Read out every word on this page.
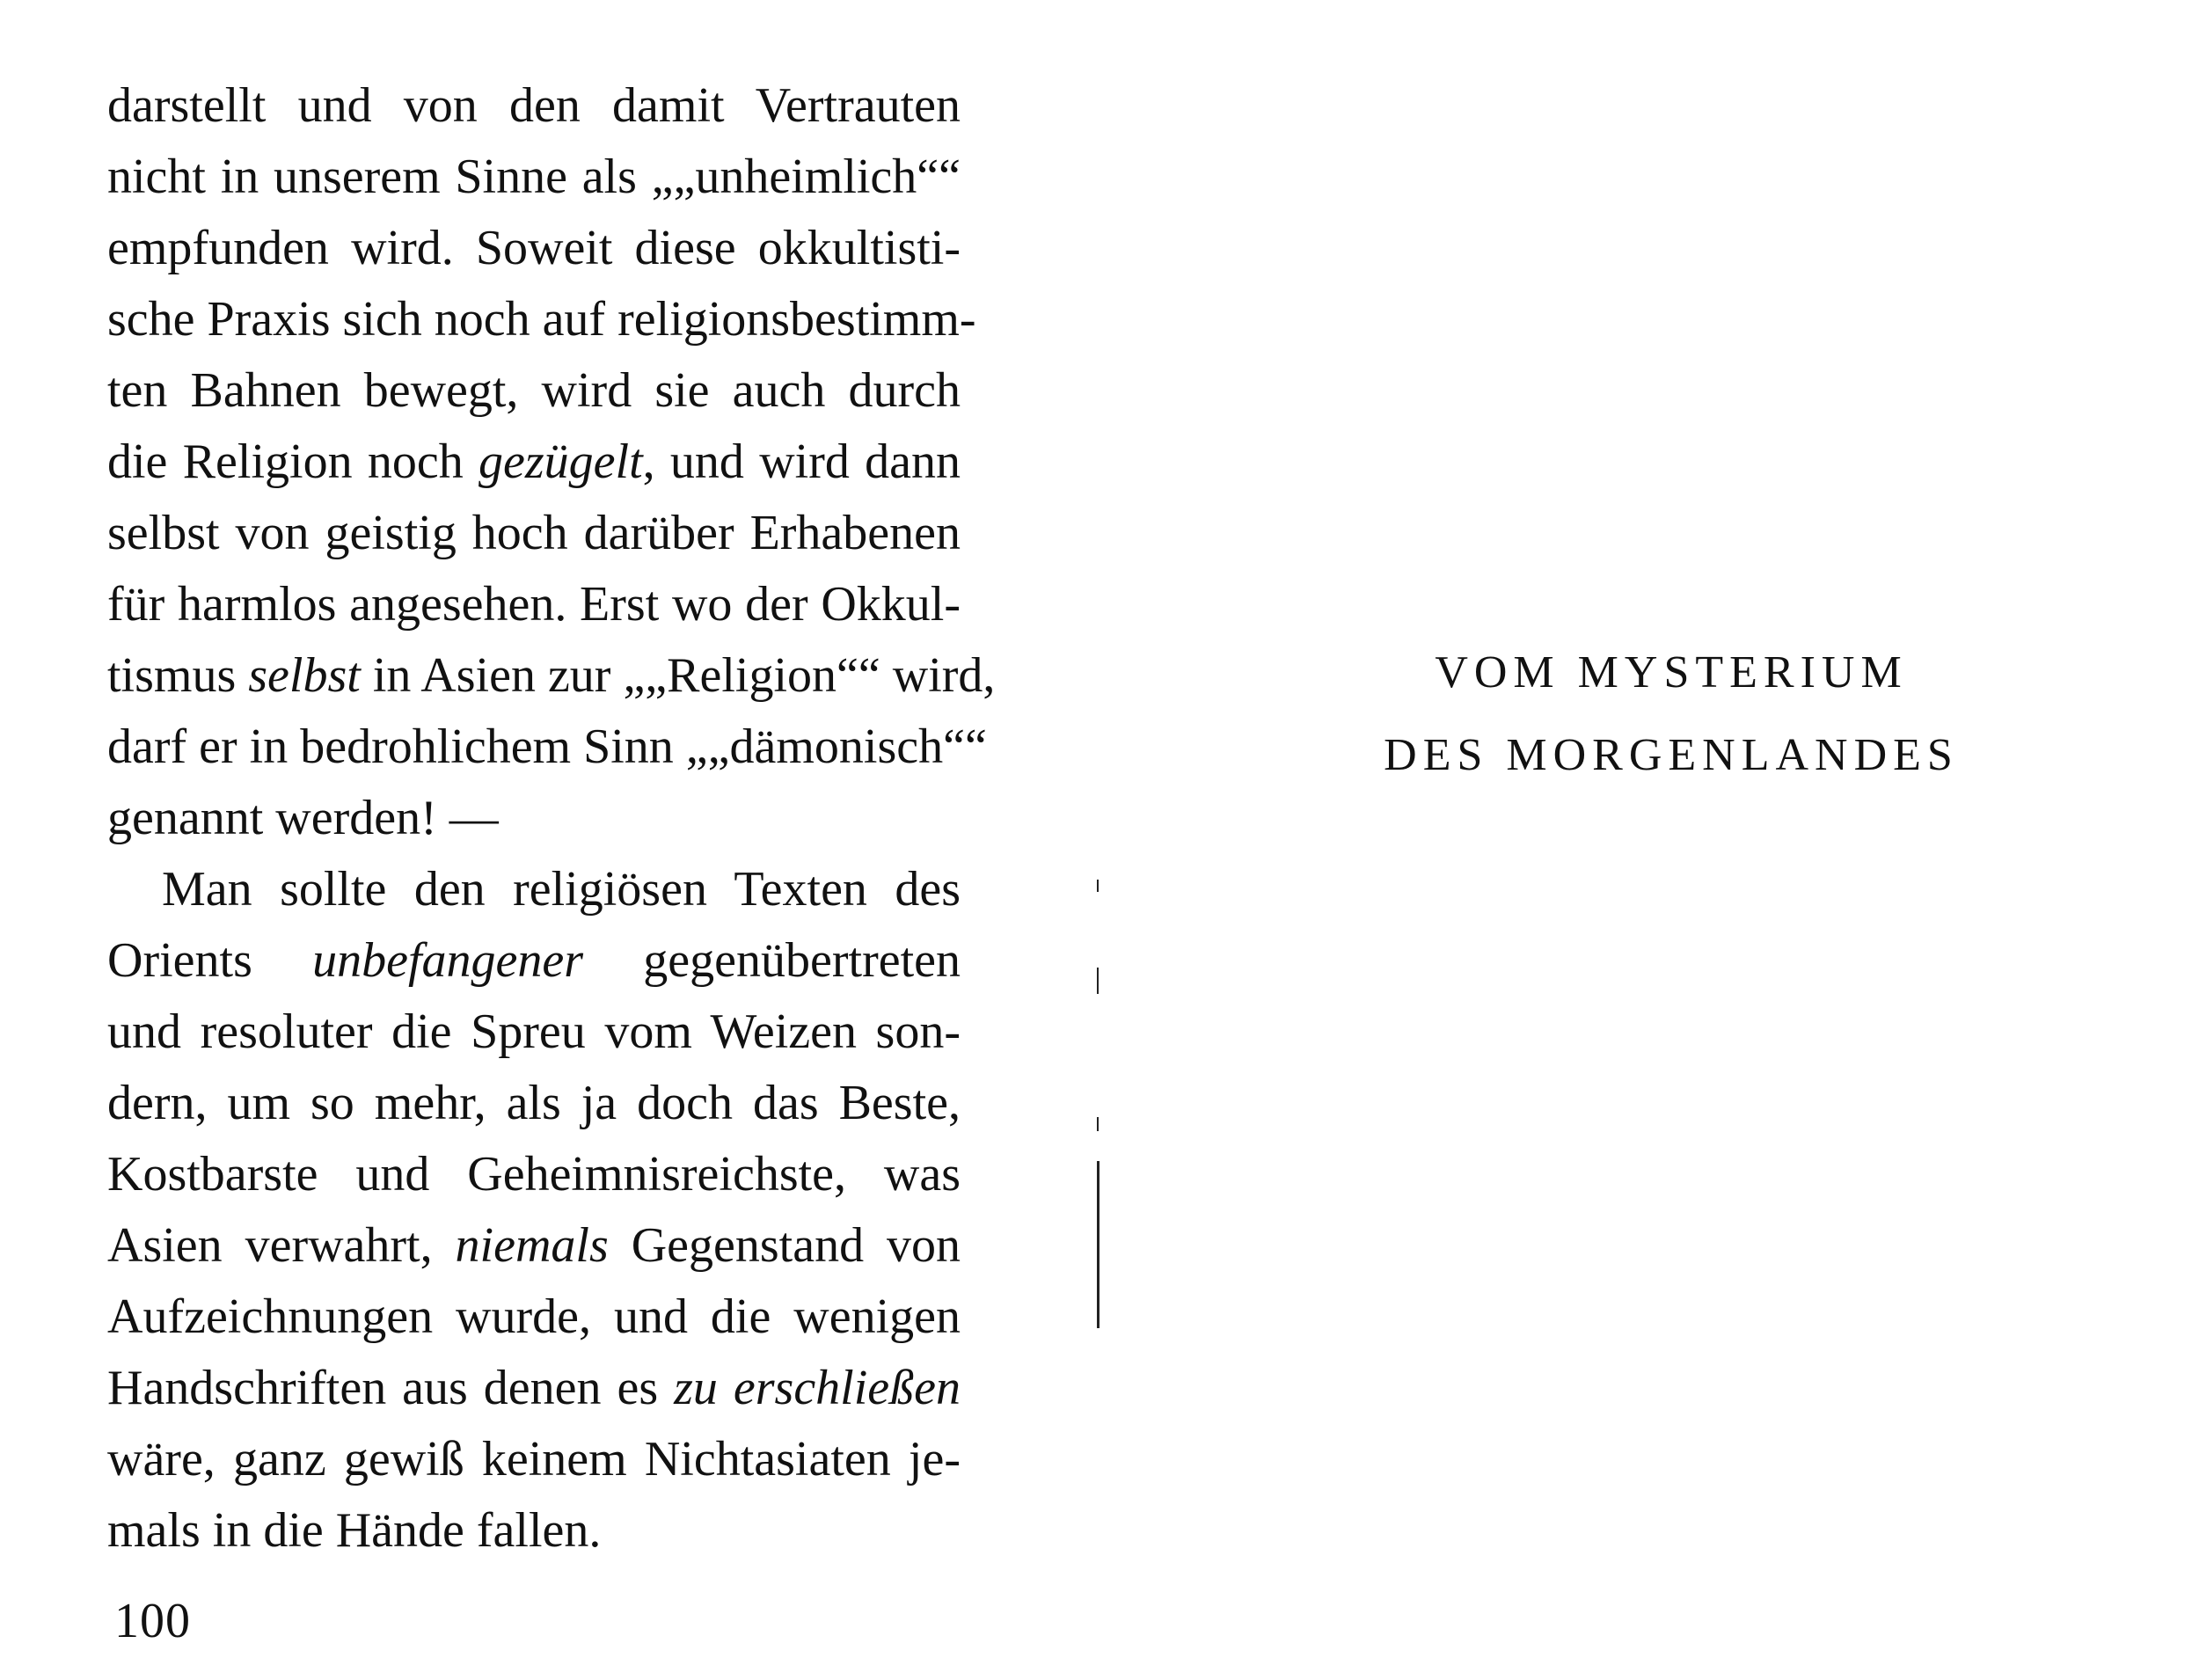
darstellt und von den damit Vertrauten
nicht in unserem Sinne als „„unheimlich““
empfunden wird. Soweit diese okkultisti-
sche Praxis sich noch auf religionsbestimm-
ten Bahnen bewegt, wird sie auch durch
die Religion noch gezügelt, und wird dann
selbst von geistig hoch darüber Erhabenen
für harmlos angesehen. Erst wo der Okkul-
tismus selbst in Asien zur „„Religion““ wird,
darf er in bedrohlichem Sinn „„dämonisch““
genannt werden! —
Man sollte den religiösen Texten des
Orients unbefangener gegenübertreten
und resoluter die Spreu vom Weizen son-
dern, um so mehr, als ja doch das Beste,
Kostbarste und Geheimnisreichste, was
Asien verwahrt, niemals Gegenstand von
Aufzeichnungen wurde, und die wenigen
Handschriften aus denen es zu erschließen
wäre, ganz gewiß keinem Nichtasiaten je-
mals in die Hände fallen.
100
VOM MYSTERIUM
DES MORGENLANDES
